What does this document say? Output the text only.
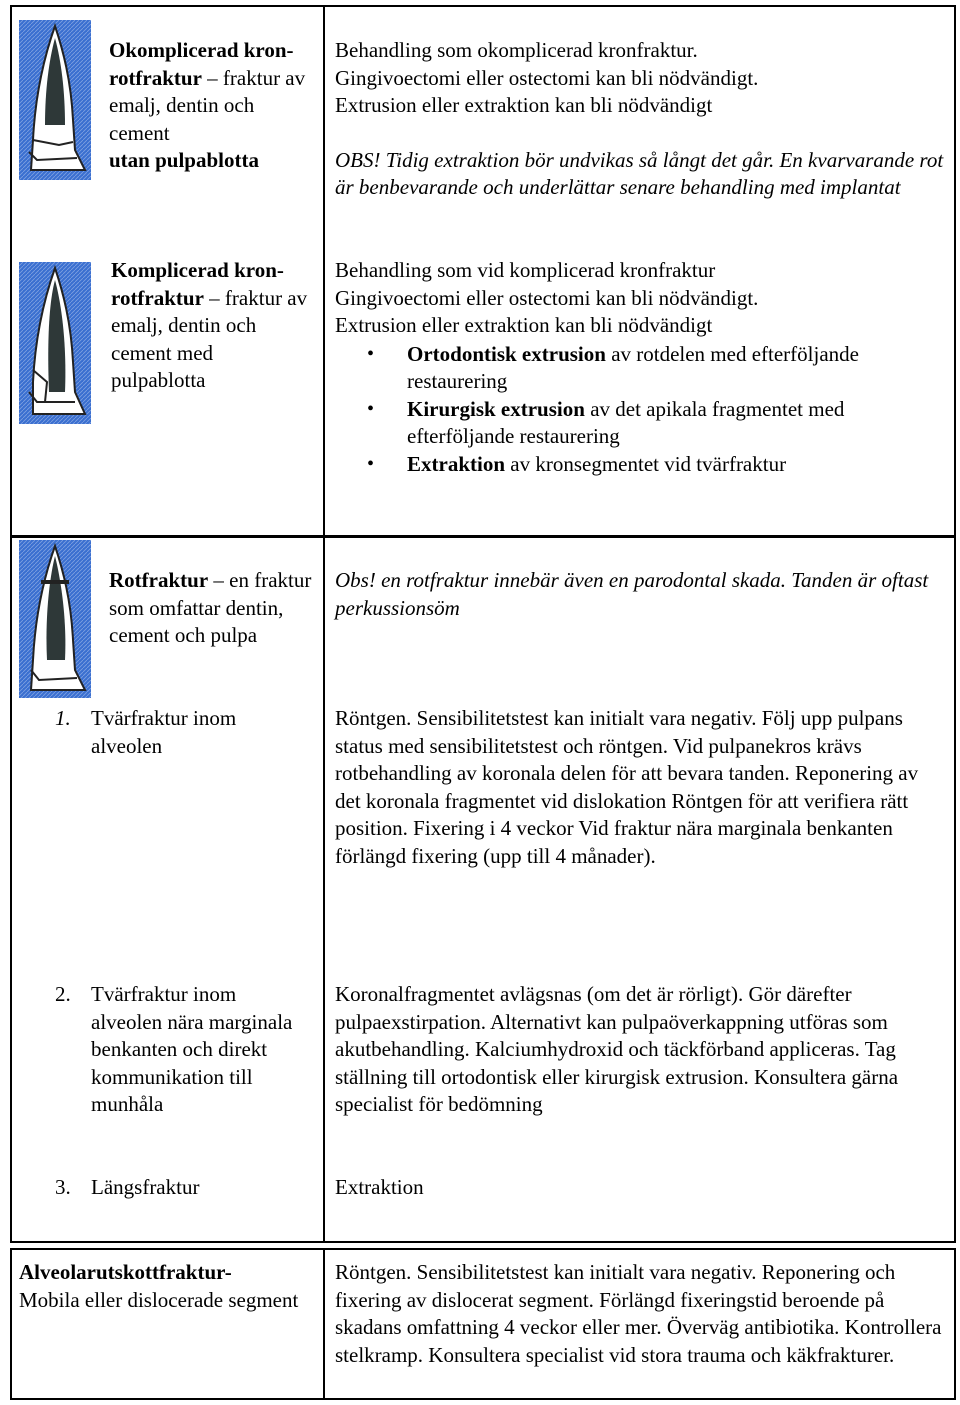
Okomplicerad kron-rotfraktur – fraktur av emalj, dentin och cement
utan pulpablotta

Behandling som okomplicerad kronfraktur.

Gingivoectomi eller ostectomi kan bli nödvändigt.

Extrusion eller extraktion kan bli nödvändigt

OBS! Tidig extraktion bör undvikas så långt det går. En kvarvarande rot är benbevarande och underlättar senare behandling med implantat

Komplicerad kron-rotfraktur – fraktur av emalj, dentin och cement med pulpablotta

Behandling som vid komplicerad kronfraktur

Gingivoectomi eller ostectomi kan bli nödvändigt.

Extrusion eller extraktion kan bli nödvändigt

• Ortodontisk extrusion av rotdelen med efterföljande restaurering
• Kirurgisk extrusion av det apikala fragmentet med efterföljande restaurering
• Extraktion av kronsegmentet vid tvärfraktur
Rotfraktur – en fraktur som omfattar dentin, cement och pulpa
Obs! en rotfraktur innebär även en parodontal skada. Tanden är oftast perkussionsöm
1. Tvärfraktur inom alveolen
Röntgen. Sensibilitetstest kan initialt vara negativ. Följ upp pulpans status med sensibilitetstest och röntgen. Vid pulpanekros krävs rotbehandling av koronala delen för att bevara tanden. Reponering av det koronala fragmentet vid dislokation Röntgen för att verifiera rätt position. Fixering i 4 veckor Vid fraktur nära marginala benkanten förlängd fixering (upp till 4 månader).
2. Tvärfraktur inom alveolen nära marginala benkanten och direkt kommunikation till munhåla
Koronalfragmentet avlägsnas (om det är rörligt). Gör därefter pulpaexstirpation. Alternativt kan pulpaöverkappning utföras som akutbehandling. Kalciumhydroxid och täckförband appliceras. Tag ställning till ortodontisk eller kirurgisk extrusion. Konsultera gärna specialist för bedömning
3. Längsfraktur	Extraktion
Alveolarutskottfraktur-
Mobila eller dislocerade segment
Röntgen. Sensibilitetstest kan initialt vara negativ. Reponering och fixering av dislocerat segment. Förlängd fixeringstid beroende på skadans omfattning 4 veckor eller mer. Överväg antibiotika. Kontrollera stelkramp. Konsultera specialist vid stora trauma och käkfrakturer.
